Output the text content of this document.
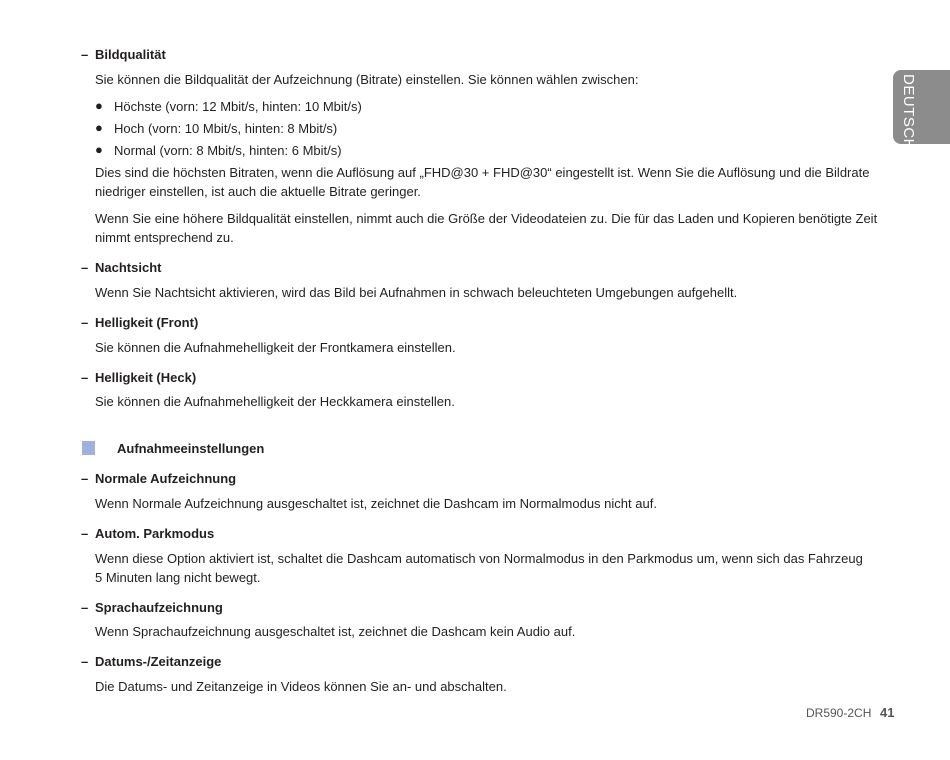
DEUTSCH
– Bildqualität
Sie können die Bildqualität der Aufzeichnung (Bitrate) einstellen. Sie können wählen zwischen:
● Höchste (vorn: 12 Mbit/s, hinten: 10 Mbit/s)
● Hoch (vorn: 10 Mbit/s, hinten: 8 Mbit/s)
● Normal (vorn: 8 Mbit/s, hinten: 6 Mbit/s)
Dies sind die höchsten Bitraten, wenn die Auflösung auf „FHD@30 + FHD@30“ eingestellt ist. Wenn Sie die Auflösung und die Bildrate
niedriger einstellen, ist auch die aktuelle Bitrate geringer.
Wenn Sie eine höhere Bildqualität einstellen, nimmt auch die Größe der Videodateien zu. Die für das Laden und Kopieren benötigte Zeit
nimmt entsprechend zu.
– Nachtsicht
Wenn Sie Nachtsicht aktivieren, wird das Bild bei Aufnahmen in schwach beleuchteten Umgebungen aufgehellt.
– Helligkeit (Front)
Sie können die Aufnahmehelligkeit der Frontkamera einstellen.
– Helligkeit (Heck)
Sie können die Aufnahmehelligkeit der Heckkamera einstellen.
Aufnahmeeinstellungen
– Normale Aufzeichnung
Wenn Normale Aufzeichnung ausgeschaltet ist, zeichnet die Dashcam im Normalmodus nicht auf.
– Autom. Parkmodus
Wenn diese Option aktiviert ist, schaltet die Dashcam automatisch von Normalmodus in den Parkmodus um, wenn sich das Fahrzeug
5 Minuten lang nicht bewegt.
– Sprachaufzeichnung
Wenn Sprachaufzeichnung ausgeschaltet ist, zeichnet die Dashcam kein Audio auf.
– Datums-/Zeitanzeige
Die Datums- und Zeitanzeige in Videos können Sie an- und abschalten.
DR590-2CH 41
